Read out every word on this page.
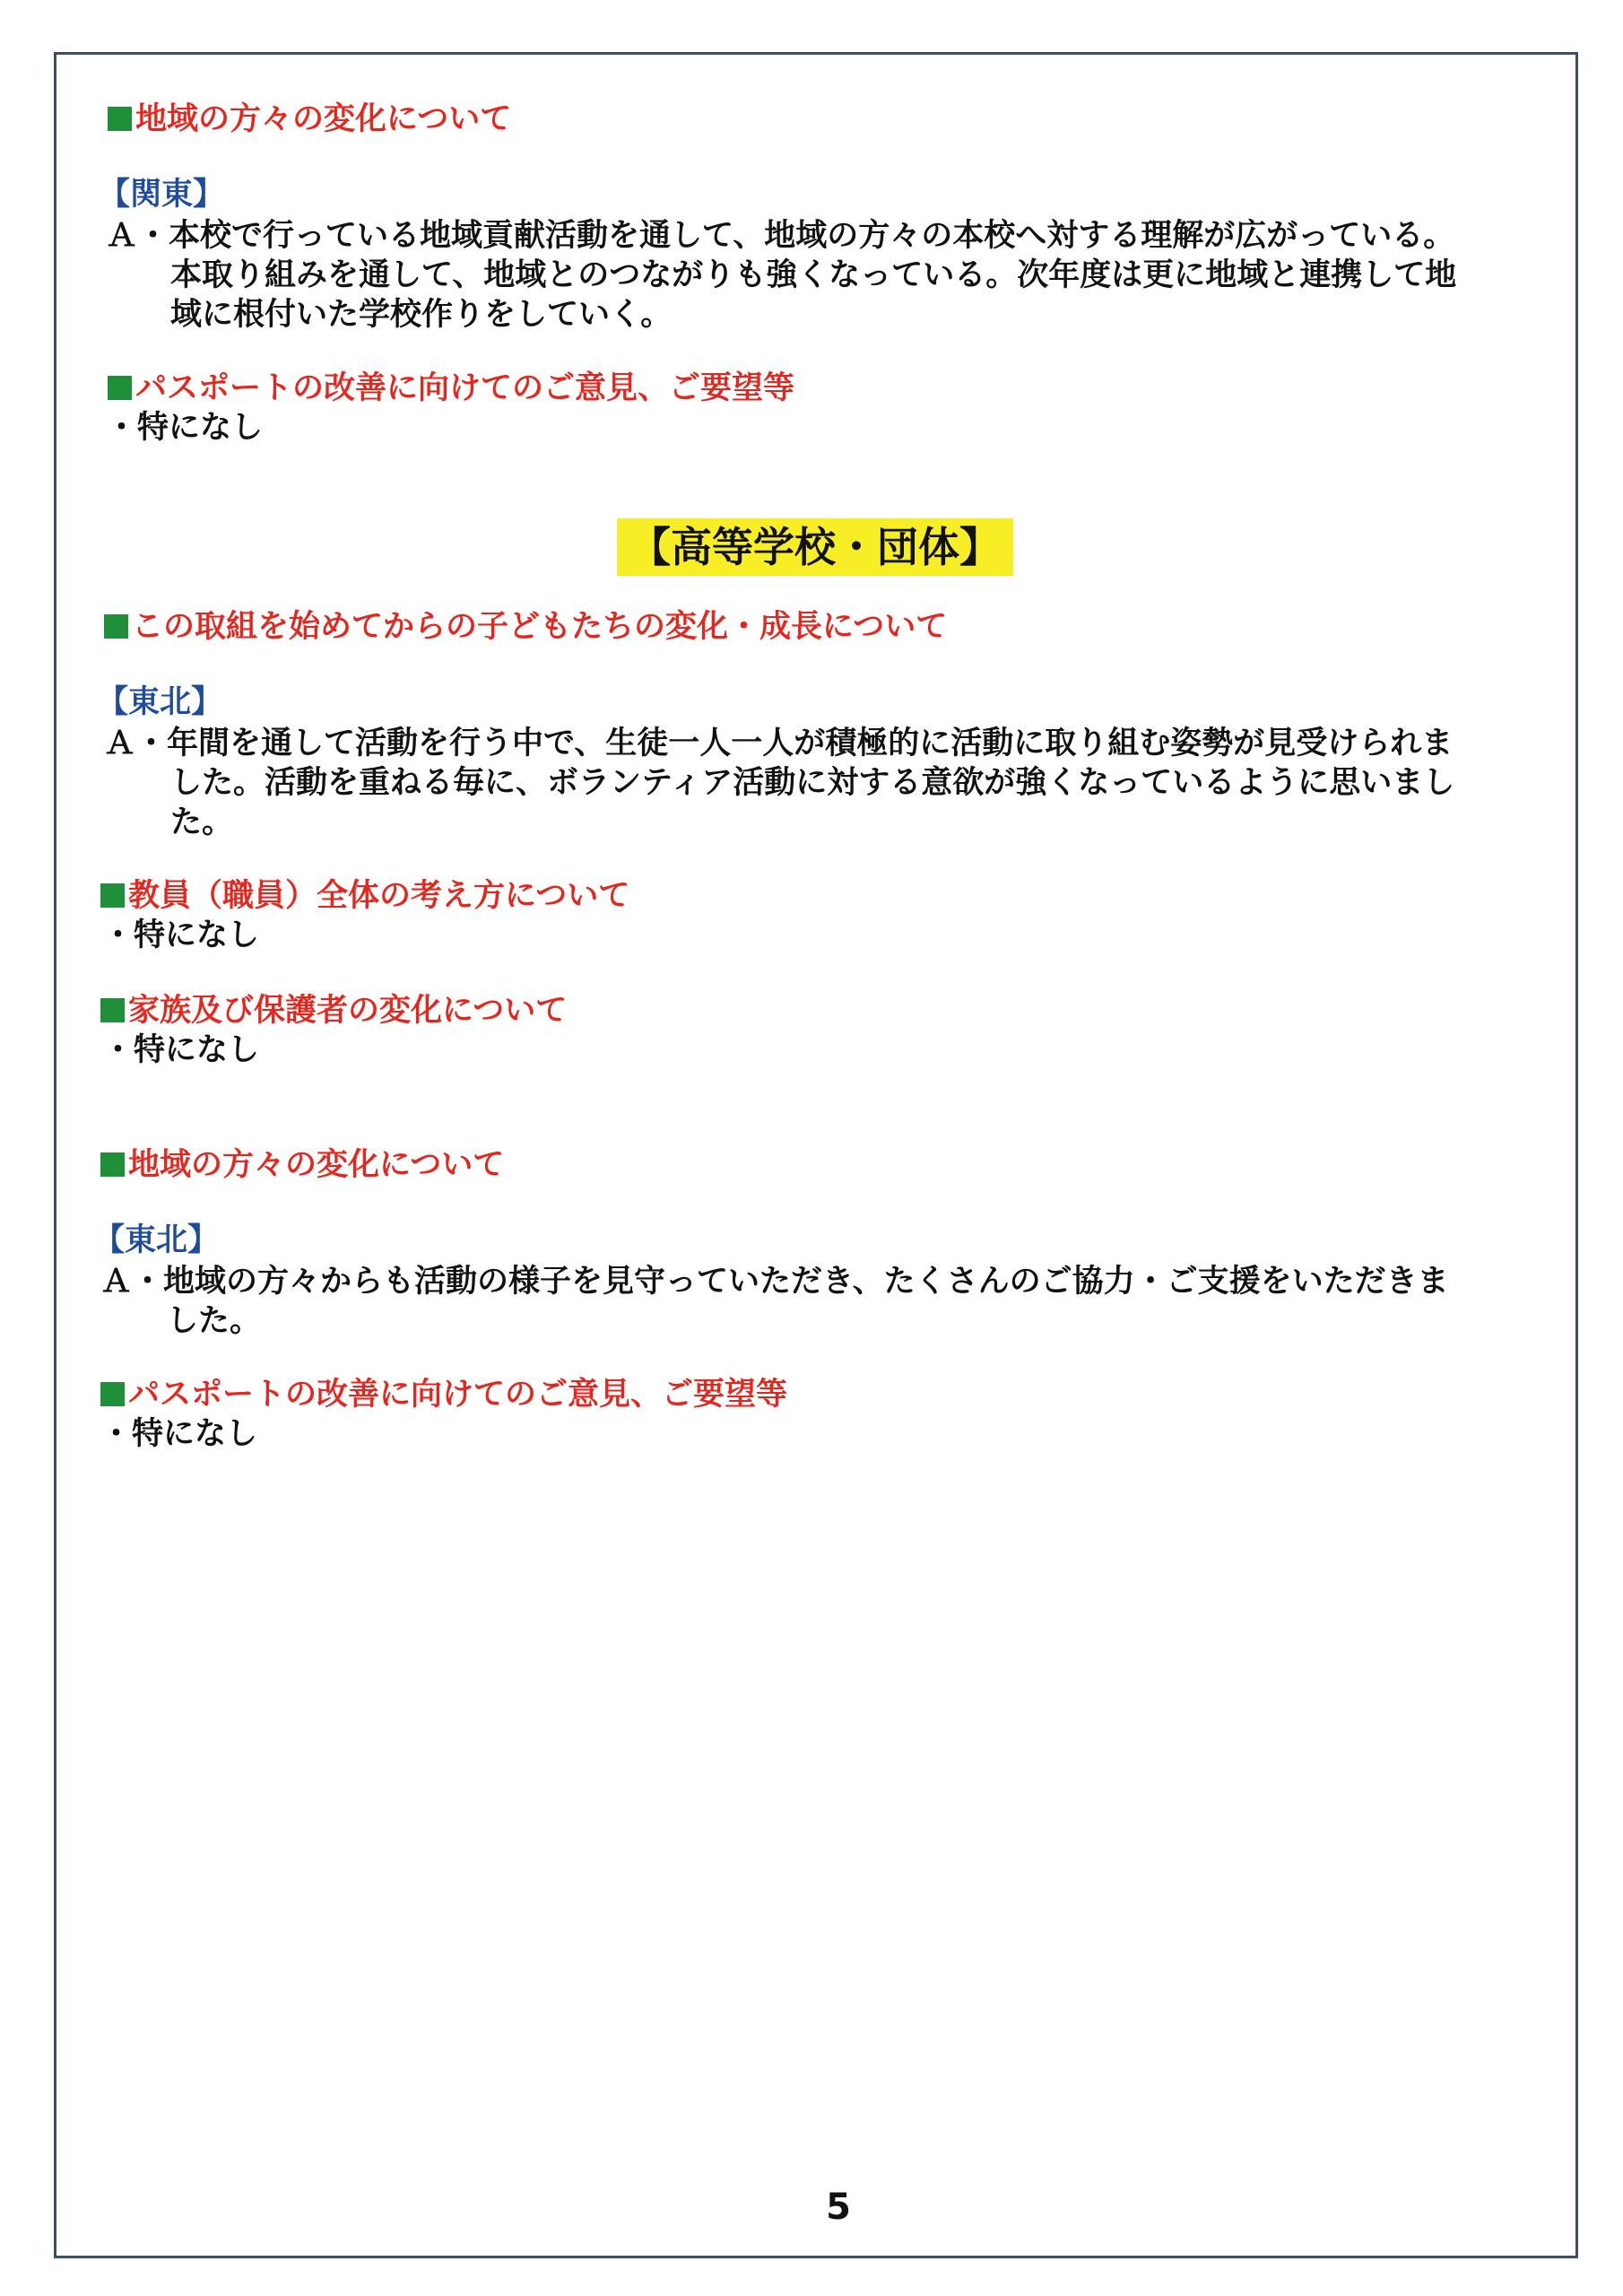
地域の方々の変化について
【関東】
Ａ・本校で行っている地域貢献活動を通して、地域の方々の本校へ対する理解が広がっている。
本取り組みを通して、地域とのつながりも強くなっている。次年度は更に地域と連携して地
域に根付いた学校作りをしていく。
パスポートの改善に向けてのご意見、ご要望等
・特になし
【高等学校・団体】
この取組を始めてからの子どもたちの変化・成長について
【東北】
Ａ・年間を通して活動を行う中で、生徒一人一人が積極的に活動に取り組む姿勢が見受けられま
した。活動を重ねる毎に、ボランティア活動に対する意欲が強くなっているように思いまし
た。
教員（職員）全体の考え方について
・特になし
家族及び保護者の変化について
・特になし
地域の方々の変化について
【東北】
Ａ・地域の方々からも活動の様子を見守っていただき、たくさんのご協力・ご支援をいただきま
した。
パスポートの改善に向けてのご意見、ご要望等
・特になし
5
